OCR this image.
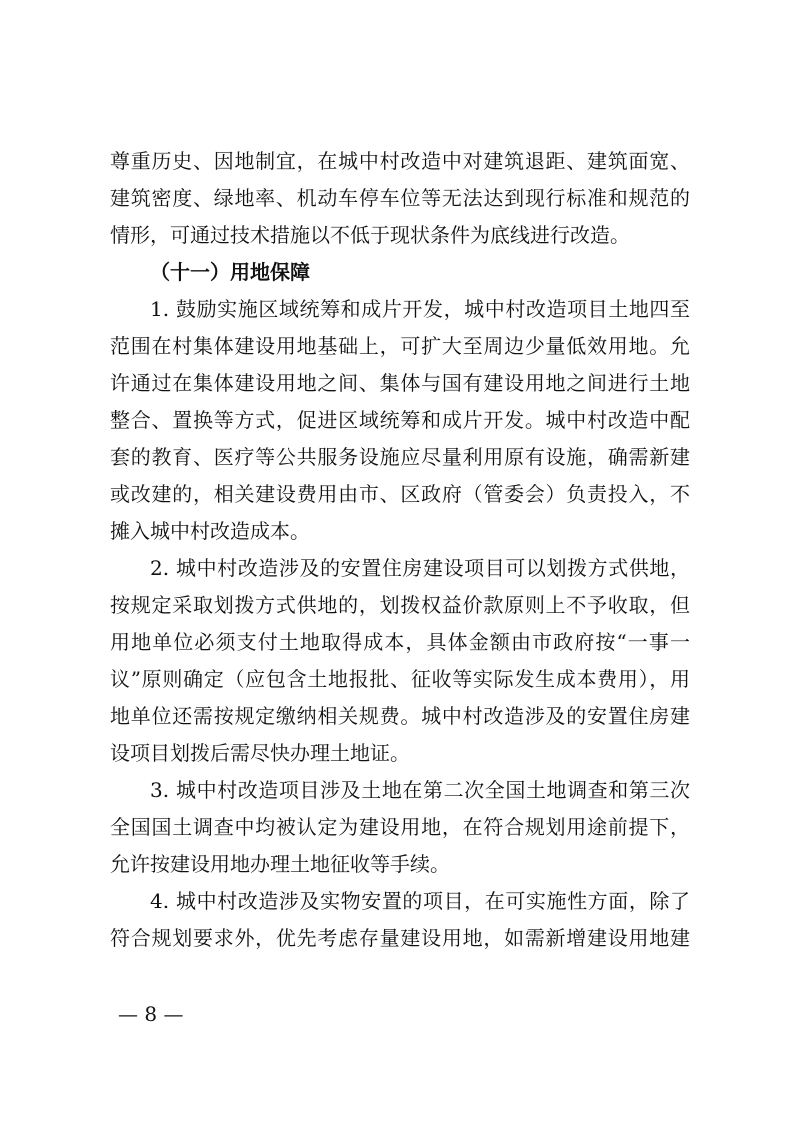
尊重历史、因地制宜，在城中村改造中对建筑退距、建筑面宽、
建筑密度、绿地率、机动车停车位等无法达到现行标准和规范的
情形，可通过技术措施以不低于现状条件为底线进行改造。
（十一）用地保障
1. 鼓励实施区域统筹和成片开发，城中村改造项目土地四至
范围在村集体建设用地基础上，可扩大至周边少量低效用地。允
许通过在集体建设用地之间、集体与国有建设用地之间进行土地
整合、置换等方式，促进区域统筹和成片开发。城中村改造中配
套的教育、医疗等公共服务设施应尽量利用原有设施，确需新建
或改建的，相关建设费用由市、区政府（管委会）负责投入，不
摊入城中村改造成本。
2. 城中村改造涉及的安置住房建设项目可以划拨方式供地，
按规定采取划拨方式供地的，划拨权益价款原则上不予收取，但
用地单位必须支付土地取得成本，具体金额由市政府按“一事一
议”原则确定（应包含土地报批、征收等实际发生成本费用），用
地单位还需按规定缴纳相关规费。城中村改造涉及的安置住房建
设项目划拨后需尽快办理土地证。
3. 城中村改造项目涉及土地在第二次全国土地调查和第三次
全国国土调查中均被认定为建设用地，在符合规划用途前提下，
允许按建设用地办理土地征收等手续。
4. 城中村改造涉及实物安置的项目，在可实施性方面，除了
符合规划要求外，优先考虑存量建设用地，如需新增建设用地建
— 8 —
